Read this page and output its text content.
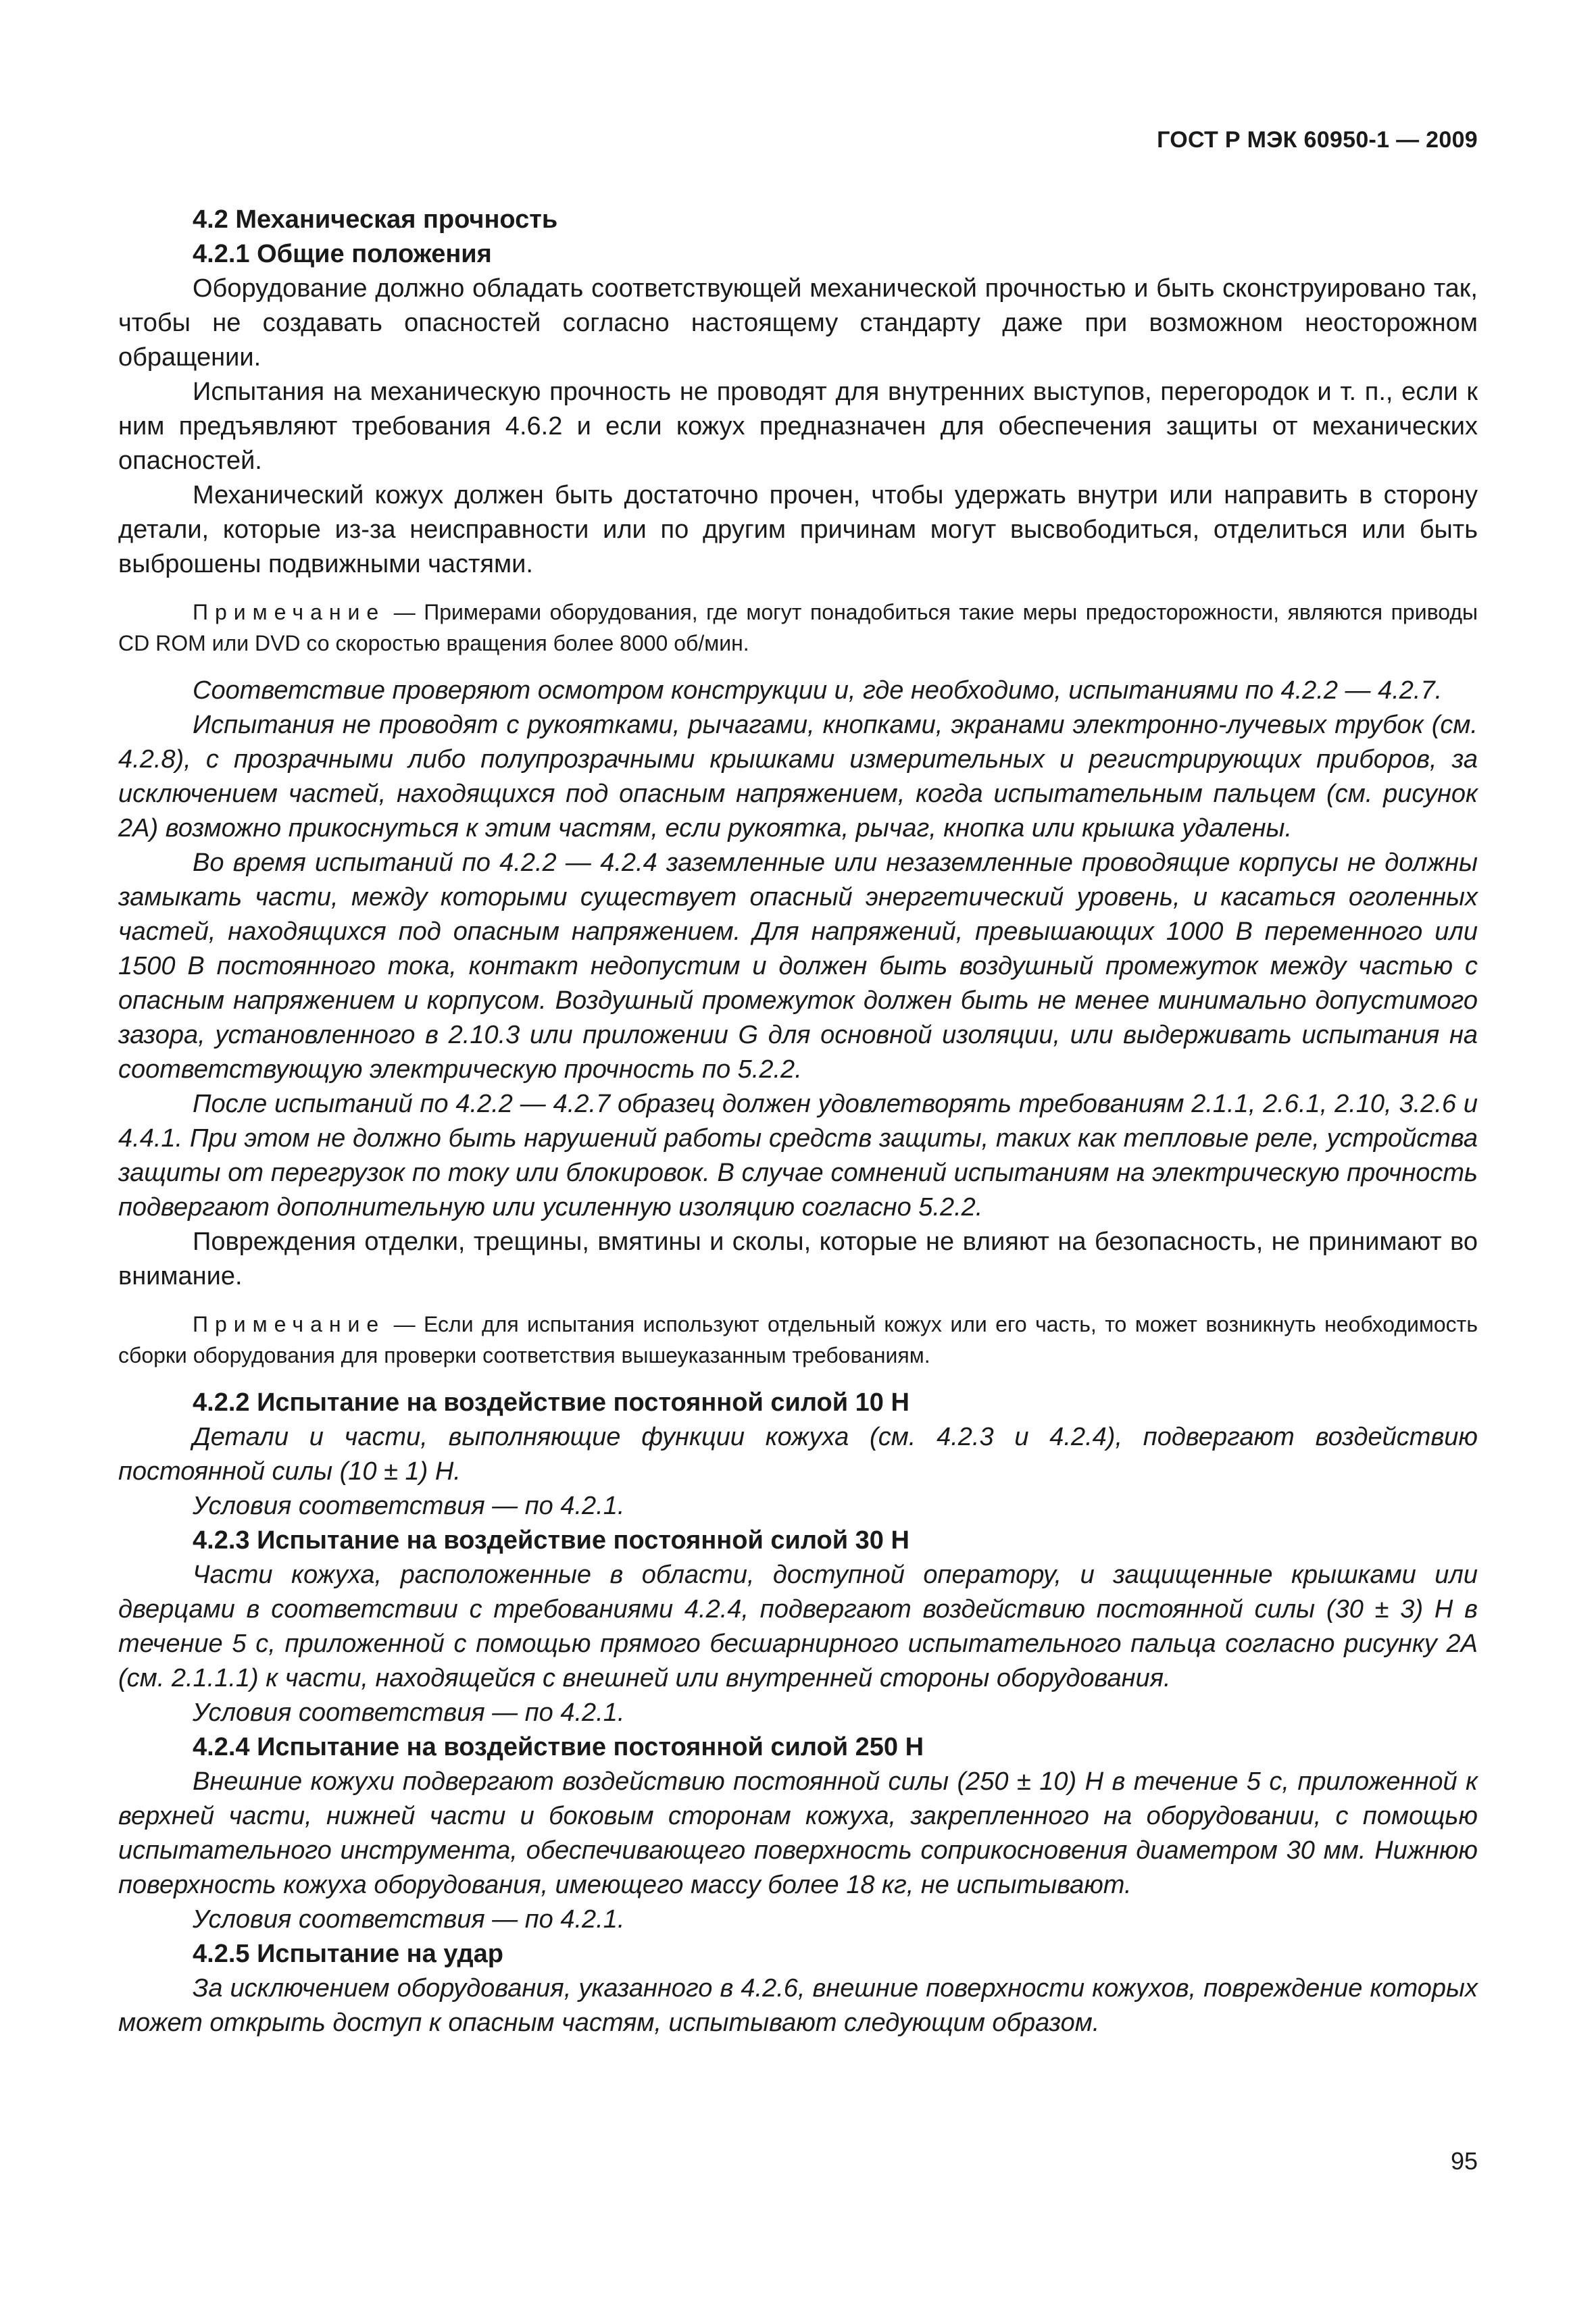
ГОСТ Р МЭК 60950-1 — 2009
4.2 Механическая прочность
4.2.1 Общие положения

Оборудование должно обладать соответствующей механической прочностью и быть сконструировано так, чтобы не создавать опасностей согласно настоящему стандарту даже при возможном неосторожном обращении.

Испытания на механическую прочность не проводят для внутренних выступов, перегородок и т. п., если к ним предъявляют требования 4.6.2 и если кожух предназначен для обеспечения защиты от механических опасностей.

Механический кожух должен быть достаточно прочен, чтобы удержать внутри или направить в сторону детали, которые из-за неисправности или по другим причинам могут высвободиться, отделиться или быть выброшены подвижными частями.

Примечание — Примерами оборудования, где могут понадобиться такие меры предосторожности, являются приводы CD ROM или DVD со скоростью вращения более 8000 об/мин.

Соответствие проверяют осмотром конструкции и, где необходимо, испытаниями по 4.2.2 — 4.2.7.

Испытания не проводят с рукоятками, рычагами, кнопками, экранами электронно-лучевых трубок (см. 4.2.8), с прозрачными либо полупрозрачными крышками измерительных и регистрирующих приборов, за исключением частей, находящихся под опасным напряжением, когда испытательным пальцем (см. рисунок 2А) возможно прикоснуться к этим частям, если рукоятка, рычаг, кнопка или крышка удалены.

Во время испытаний по 4.2.2 — 4.2.4 заземленные или незаземленные проводящие корпусы не должны замыкать части, между которыми существует опасный энергетический уровень, и касаться оголенных частей, находящихся под опасным напряжением. Для напряжений, превышающих 1000 В переменного или 1500 В постоянного тока, контакт недопустим и должен быть воздушный промежуток между частью с опасным напряжением и корпусом. Воздушный промежуток должен быть не менее минимально допустимого зазора, установленного в 2.10.3 или приложении G для основной изоляции, или выдерживать испытания на соответствующую электрическую прочность по 5.2.2.

После испытаний по 4.2.2 — 4.2.7 образец должен удовлетворять требованиям 2.1.1, 2.6.1, 2.10, 3.2.6 и 4.4.1. При этом не должно быть нарушений работы средств защиты, таких как тепловые реле, устройства защиты от перегрузок по току или блокировок. В случае сомнений испытаниям на электрическую прочность подвергают дополнительную или усиленную изоляцию согласно 5.2.2.

Повреждения отделки, трещины, вмятины и сколы, которые не влияют на безопасность, не принимают во внимание.

Примечание — Если для испытания используют отдельный кожух или его часть, то может возникнуть необходимость сборки оборудования для проверки соответствия вышеуказанным требованиям.

4.2.2 Испытание на воздействие постоянной силой 10 Н

Детали и части, выполняющие функции кожуха (см. 4.2.3 и 4.2.4), подвергают воздействию постоянной силы (10 ± 1) Н.

Условия соответствия — по 4.2.1.

4.2.3 Испытание на воздействие постоянной силой 30 Н

Части кожуха, расположенные в области, доступной оператору, и защищенные крышками или дверцами в соответствии с требованиями 4.2.4, подвергают воздействию постоянной силы (30 ± 3) Н в течение 5 с, приложенной с помощью прямого бесшарнирного испытательного пальца согласно рисунку 2А (см. 2.1.1.1) к части, находящейся с внешней или внутренней стороны оборудования.

Условия соответствия — по 4.2.1.

4.2.4 Испытание на воздействие постоянной силой 250 Н

Внешние кожухи подвергают воздействию постоянной силы (250 ± 10) Н в течение 5 с, приложенной к верхней части, нижней части и боковым сторонам кожуха, закрепленного на оборудовании, с помощью испытательного инструмента, обеспечивающего поверхность соприкосновения диаметром 30 мм. Нижнюю поверхность кожуха оборудования, имеющего массу более 18 кг, не испытывают.

Условия соответствия — по 4.2.1.

4.2.5 Испытание на удар

За исключением оборудования, указанного в 4.2.6, внешние поверхности кожухов, повреждение которых может открыть доступ к опасным частям, испытывают следующим образом.

95
